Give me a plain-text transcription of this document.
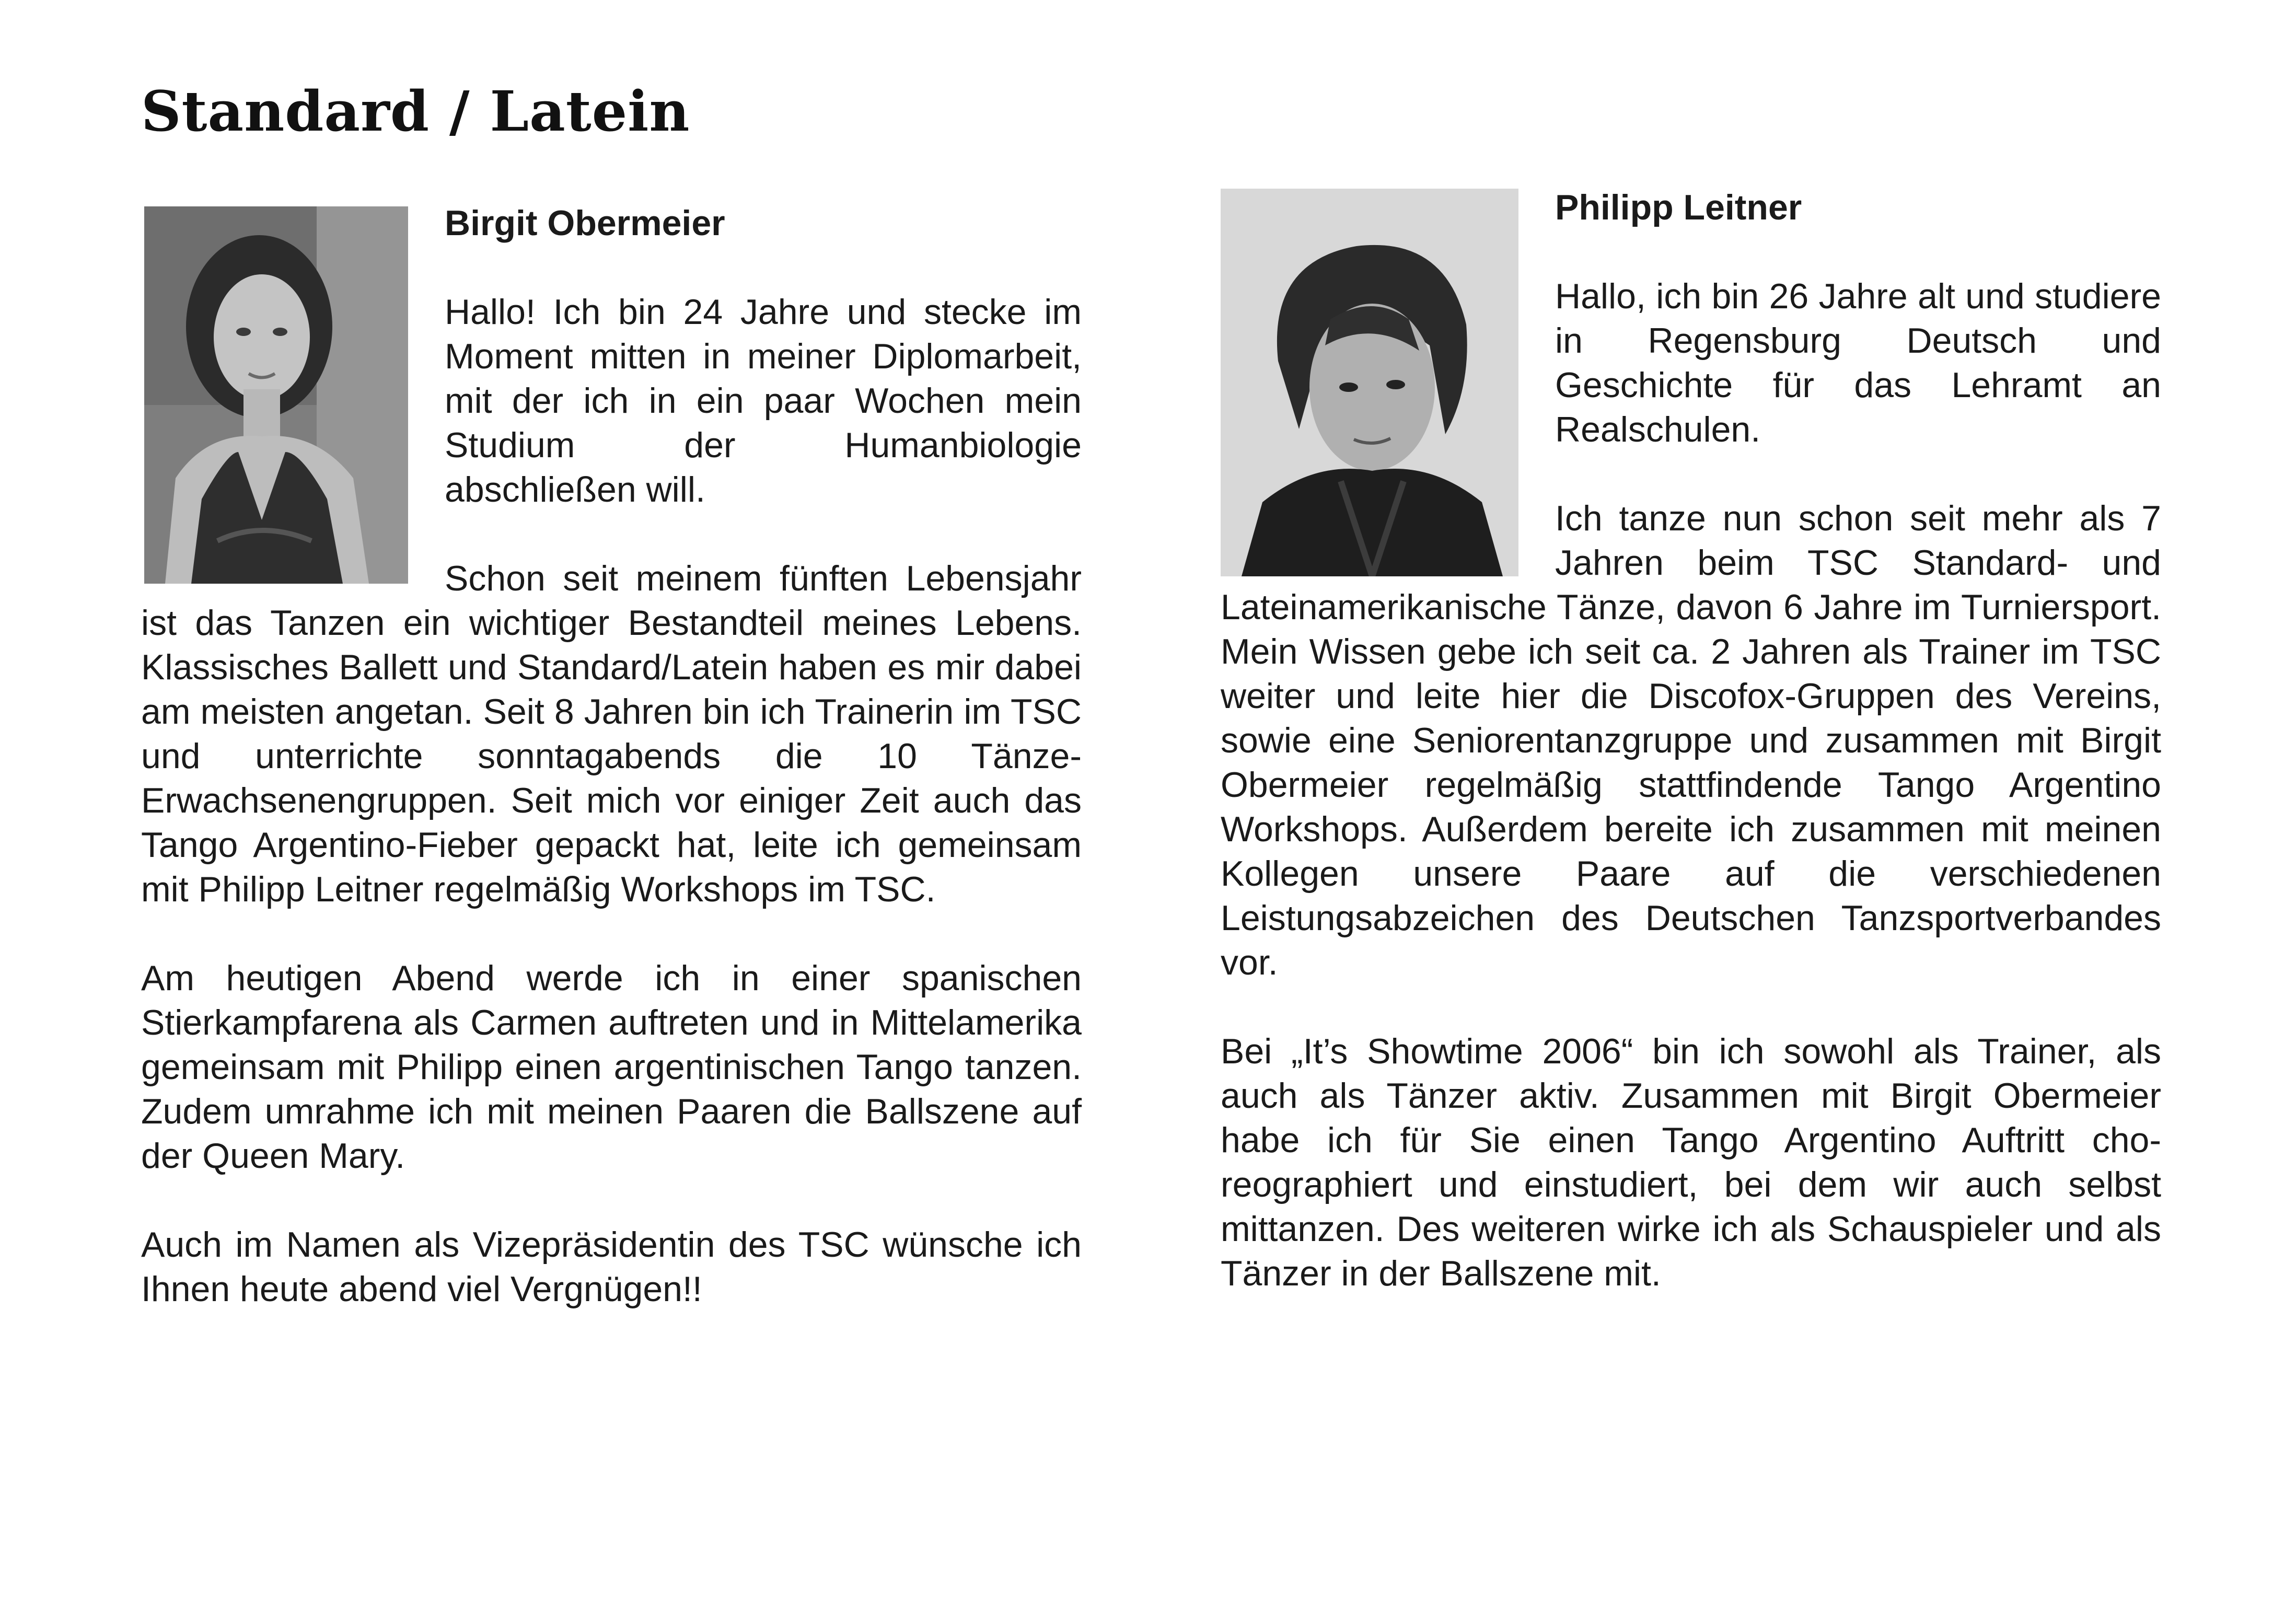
Standard / Latein
Birgit Obermeier

Hallo! Ich bin 24 Jahre und stecke im Moment mitten in meiner Diplomarbeit, mit der ich in ein paar Wochen mein Studium der Humanbiologie abschließen will.

Schon seit meinem fünften Lebensjahr ist das Tanzen ein wichtiger Bestandteil meines Lebens. Klassisches Ballett und Standard/Latein haben es mir dabei am meisten angetan. Seit 8 Jahren bin ich Trainerin im TSC und unterrichte sonntagabends die 10 Tänze-Erwachsenengruppen. Seit mich vor einiger Zeit auch das Tango Argentino-Fieber gepackt hat, leite ich gemeinsam mit Philipp Leitner regelmäßig Workshops im TSC.

Am heutigen Abend werde ich in einer spanischen Stierkampfarena als Carmen auftreten und in Mittelamerika gemeinsam mit Philipp einen argentinischen Tango tanzen. Zudem umrahme ich mit meinen Paaren die Ballszene auf der Queen Mary.

Auch im Namen als Vizepräsidentin des TSC wünsche ich Ihnen heute abend viel Vergnügen!!

Philipp Leitner

Hallo, ich bin 26 Jahre alt und studiere in Regensburg Deutsch und Geschichte für das Lehramt an Realschulen.

Ich tanze nun schon seit mehr als 7 Jahren beim TSC Standard- und Lateinamerikanische Tänze, davon 6 Jahre im Turniersport. Mein Wissen gebe ich seit ca. 2 Jahren als Trainer im TSC weiter und leite hier die Discofox-Gruppen des Vereins, sowie eine Seniorentanzgruppe und zusammen mit Birgit Obermeier regelmäßig stattfindende Tango Argentino Workshops. Außerdem bereite ich zusammen mit meinen Kollegen unsere Paare auf die verschiedenen Leistungsabzeichen des Deutschen Tanzsportverbandes vor.

Bei „It’s Showtime 2006“ bin ich sowohl als Trainer, als auch als Tänzer aktiv. Zusammen mit Birgit Obermeier habe ich für Sie einen Tango Argentino Auftritt choreographiert und einstudiert, bei dem wir auch selbst mittanzen. Des weiteren wirke ich als Schauspieler und als Tänzer in der Ballszene mit.
